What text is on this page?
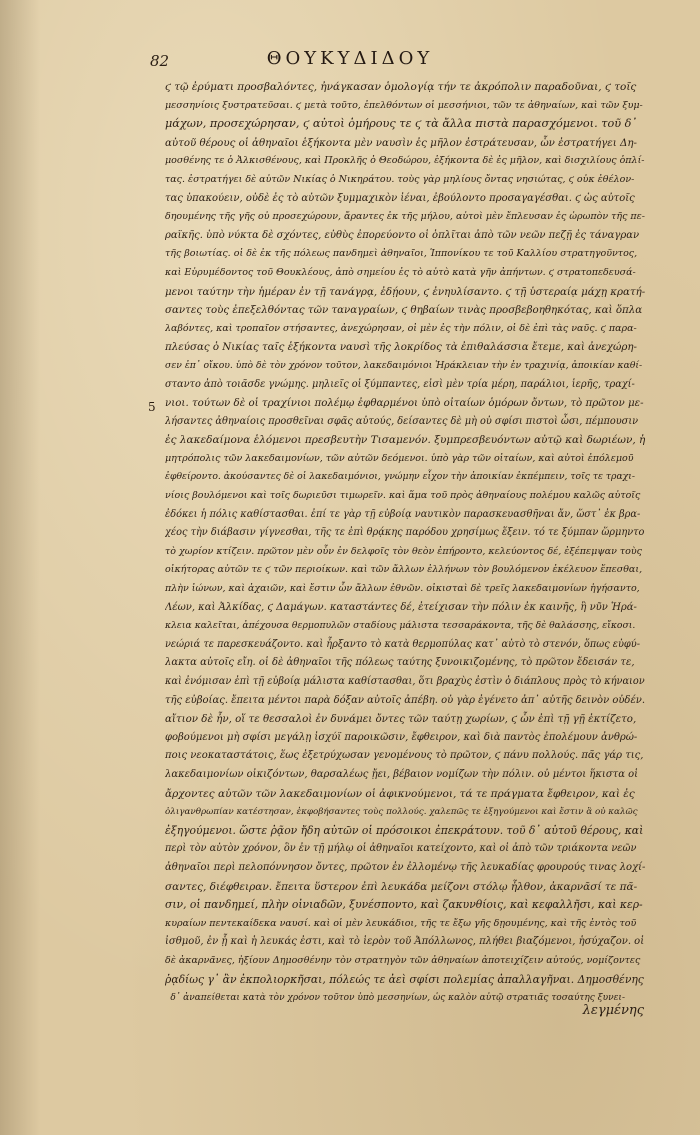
82	ΘΟΥΚΥΔΙΔΟΥ
5
ϛ τῷ ἐρύματι προσβαλόντες, ἠνάγκασαν ὁμολογίᾳ τήν τε ἀκρόπολιν παραδοῦναι, ϛ τοῖς
μεσσηνίοις ξυστρατεῦσαι. ϛ μετὰ τοῦτο, ἐπελθόντων οἱ μεσσήνιοι, τῶν τε ἀθηναίων, καὶ τῶν ξυμ-
μάχων, προσεχώρησαν, ϛ αὐτοὶ ὁμήρους τε ϛ τὰ ἄλλα πιστὰ παρασχόμενοι. τοῦ δ᾽
αὐτοῦ θέρους οἱ ἀθηναῖοι ἑξήκοντα μὲν ναυσὶν ἐς μῆλον ἐστράτευσαν, ὧν ἐστρατήγει Δη-
μοσθένης τε ὁ Ἀλκισθένους, καὶ Προκλῆς ὁ Θεοδώρου, ἑξήκοντα δὲ ἐς μῆλον, καὶ δισχιλίους ὁπλί-
τας. ἐστρατήγει δὲ αὐτῶν Νικίας ὁ Νικηράτου. τοὺς γὰρ μηλίους ὄντας νησιώτας, ϛ οὐκ ἐθέλον-
τας ὑπακούειν, οὐδὲ ἐς τὸ αὐτῶν ξυμμαχικὸν ἰέναι, ἐβούλοντο προσαγαγέσθαι. ϛ ὡς αὐτοῖς
δηουμένης τῆς γῆς οὐ προσεχώρουν, ἄραντες ἐκ τῆς μήλου, αὐτοὶ μὲν ἔπλευσαν ἐς ὠρωπὸν τῆς πε-
ραϊκῆς. ὑπὸ νύκτα δὲ σχόντες, εὐθὺς ἐπορεύοντο οἱ ὁπλῖται ἀπὸ τῶν νεῶν πεζῇ ἐς τάναγραν
τῆς βοιωτίας. οἱ δὲ ἐκ τῆς πόλεως πανδημεὶ ἀθηναῖοι, Ἱππονίκου τε τοῦ Καλλίου στρατηγοῦντος,
καὶ Εὐρυμέδοντος τοῦ Θουκλέους, ἀπὸ σημείου ἐς τὸ αὐτὸ κατὰ γῆν ἀπήντων. ϛ στρατοπεδευσά-
μενοι ταύτην τὴν ἡμέραν ἐν τῇ τανάγρᾳ, ἐδῄουν, ϛ ἐνηυλίσαντο. ϛ τῇ ὑστεραίᾳ μάχῃ κρατή-
σαντες τοὺς ἐπεξελθόντας τῶν ταναγραίων, ϛ θηβαίων τινὰς προσβεβοηθηκότας, καὶ ὅπλα
λαβόντες, καὶ τροπαῖον στήσαντες, ἀνεχώρησαν, οἱ μὲν ἐς τὴν πόλιν, οἱ δὲ ἐπὶ τὰς ναῦς. ϛ παρα-
πλεύσας ὁ Νικίας ταῖς ἑξήκοντα ναυσὶ τῆς λοκρίδος τὰ ἐπιθαλάσσια ἔτεμε, καὶ ἀνεχώρη-
σεν ἐπ᾽ οἴκου. ὑπὸ δὲ τὸν χρόνον τοῦτον, λακεδαιμόνιοι Ἡράκλειαν τὴν ἐν τραχινίᾳ, ἀποικίαν καθί-
σταντο ἀπὸ τοιᾶσδε γνώμης. μηλιεῖς οἱ ξύμπαντες, εἰσὶ μὲν τρία μέρη, παράλιοι, ἱερῆς, τραχί-
νιοι. τούτων δὲ οἱ τραχίνιοι πολέμῳ ἐφθαρμένοι ὑπὸ οἰταίων ὁμόρων ὄντων, τὸ πρῶτον με-
λήσαντες ἀθηναίοις προσθεῖναι σφᾶς αὐτούς, δείσαντες δὲ μὴ οὐ σφίσι πιστοὶ ὦσι, πέμπουσιν
ἐς λακεδαίμονα ἑλόμενοι πρεσβευτὴν Τισαμενόν. ξυμπρεσβευόντων αὐτῷ καὶ δωριέων, ἡ
μητρόπολις τῶν λακεδαιμονίων, τῶν αὐτῶν δεόμενοι. ὑπὸ γὰρ τῶν οἰταίων, καὶ αὐτοὶ ἐπόλεμοῦ
ἐφθείροντο. ἀκούσαντες δὲ οἱ λακεδαιμόνιοι, γνώμην εἶχον τὴν ἀποικίαν ἐκπέμπειν, τοῖς τε τραχι-
νίοις βουλόμενοι καὶ τοῖς δωριεῦσι τιμωρεῖν. καὶ ἅμα τοῦ πρὸς ἀθηναίους πολέμου καλῶς αὐτοῖς
ἐδόκει ἡ πόλις καθίστασθαι. ἐπί τε γὰρ τῇ εὐβοίᾳ ναυτικὸν παρασκευασθῆναι ἄν, ὥστ᾽ ἐκ βρα-
χέος τὴν διάβασιν γίγνεσθαι, τῆς τε ἐπὶ θρᾴκης παρόδου χρησίμως ἕξειν. τό τε ξύμπαν ὥρμηντο
τὸ χωρίον κτίζειν. πρῶτον μὲν οὖν ἐν δελφοῖς τὸν θεὸν ἐπήροντο, κελεύοντος δέ, ἐξέπεμψαν τοὺς
οἰκήτορας αὐτῶν τε ϛ τῶν περιοίκων. καὶ τῶν ἄλλων ἑλλήνων τὸν βουλόμενον ἐκέλευον ἕπεσθαι,
πλὴν ἰώνων, καὶ ἀχαιῶν, καὶ ἔστιν ὧν ἄλλων ἐθνῶν. οἰκισταὶ δὲ τρεῖς λακεδαιμονίων ἡγήσαντο,
Λέων, καὶ Ἀλκίδας, ϛ Δαμάγων. καταστάντες δέ, ἐτείχισαν τὴν πόλιν ἐκ καινῆς, ἣ νῦν Ἡρά-
κλεια καλεῖται, ἀπέχουσα θερμοπυλῶν σταδίους μάλιστα τεσσαράκοντα, τῆς δὲ θαλάσσης, εἴκοσι.
νεώριά τε παρεσκευάζοντο. καὶ ἦρξαντο τὸ κατὰ θερμοπύλας κατ᾽ αὐτὸ τὸ στενόν, ὅπως εὐφύ-
λακτα αὐτοῖς εἴη. οἱ δὲ ἀθηναῖοι τῆς πόλεως ταύτης ξυνοικιζομένης, τὸ πρῶτον ἔδεισάν τε,
καὶ ἐνόμισαν ἐπὶ τῇ εὐβοίᾳ μάλιστα καθίστασθαι, ὅτι βραχὺς ἐστὶν ὁ διάπλους πρὸς τὸ κήναιον
τῆς εὐβοίας. ἔπειτα μέντοι παρὰ δόξαν αὐτοῖς ἀπέβη. οὐ γὰρ ἐγένετο ἀπ᾽ αὐτῆς δεινὸν οὐδέν.
αἴτιον δὲ ἦν, οἵ τε θεσσαλοὶ ἐν δυνάμει ὄντες τῶν ταύτῃ χωρίων, ϛ ὧν ἐπὶ τῇ γῇ ἐκτίζετο,
φοβούμενοι μὴ σφίσι μεγάλῃ ἰσχύϊ παροικῶσιν, ἔφθειρον, καὶ διὰ παντὸς ἐπολέμουν ἀνθρώ-
ποις νεοκαταστάτοις, ἕως ἐξετρύχωσαν γενομένους τὸ πρῶτον, ϛ πάνυ πολλούς. πᾶς γάρ τις,
λακεδαιμονίων οἰκιζόντων, θαρσαλέως ᾔει, βέβαιον νομίζων τὴν πόλιν. οὐ μέντοι ἥκιστα οἱ
ἄρχοντες αὐτῶν τῶν λακεδαιμονίων οἱ ἀφικνούμενοι, τά τε πράγματα ἔφθειρον, καὶ ἐς
ὀλιγανθρωπίαν κατέστησαν, ἐκφοβήσαντες τοὺς πολλούς. χαλεπῶς τε ἐξηγούμενοι καὶ ἔστιν ἃ οὐ καλῶς
ἐξηγούμενοι. ὥστε ῥᾷον ἤδη αὐτῶν οἱ πρόσοικοι ἐπεκράτουν. τοῦ δ᾽ αὐτοῦ θέρους, καὶ
περὶ τὸν αὐτὸν χρόνον, ὃν ἐν τῇ μήλῳ οἱ ἀθηναῖοι κατείχοντο, καὶ οἱ ἀπὸ τῶν τριάκοντα νεῶν
ἀθηναῖοι περὶ πελοπόννησον ὄντες, πρῶτον ἐν ἐλλομένῳ τῆς λευκαδίας φρουρούς τινας λοχί-
σαντες, διέφθειραν. ἔπειτα ὕστερον ἐπὶ λευκάδα μείζονι στόλῳ ἦλθον, ἀκαρνᾶσί τε πᾶ-
σιν, οἱ πανδημεί, πλὴν οἰνιαδῶν, ξυνέσποντο, καὶ ζακυνθίοις, καὶ κεφαλλῆσι, καὶ κερ-
κυραίων πεντεκαίδεκα ναυσί. καὶ οἱ μὲν λευκάδιοι, τῆς τε ἔξω γῆς δῃουμένης, καὶ τῆς ἐντὸς τοῦ
ἰσθμοῦ, ἐν ᾗ καὶ ἡ λευκάς ἐστι, καὶ τὸ ἱερὸν τοῦ Ἀπόλλωνος, πλήθει βιαζόμενοι, ἡσύχαζον. οἱ
δὲ ἀκαρνᾶνες, ἠξίουν Δημοσθένην τὸν στρατηγὸν τῶν ἀθηναίων ἀποτειχίζειν αὐτούς, νομίζοντες
ῥᾳδίως γ᾽ ἂν ἐκπολιορκῆσαι, πόλεώς τε ἀεὶ σφίσι πολεμίας ἀπαλλαγῆναι. Δημοσθένης
δ᾽ ἀναπείθεται κατὰ τὸν χρόνον τοῦτον ὑπὸ μεσσηνίων, ὡς καλὸν αὐτῷ στρατιᾶς τοσαύτης ξυνει-
λεγμένης
